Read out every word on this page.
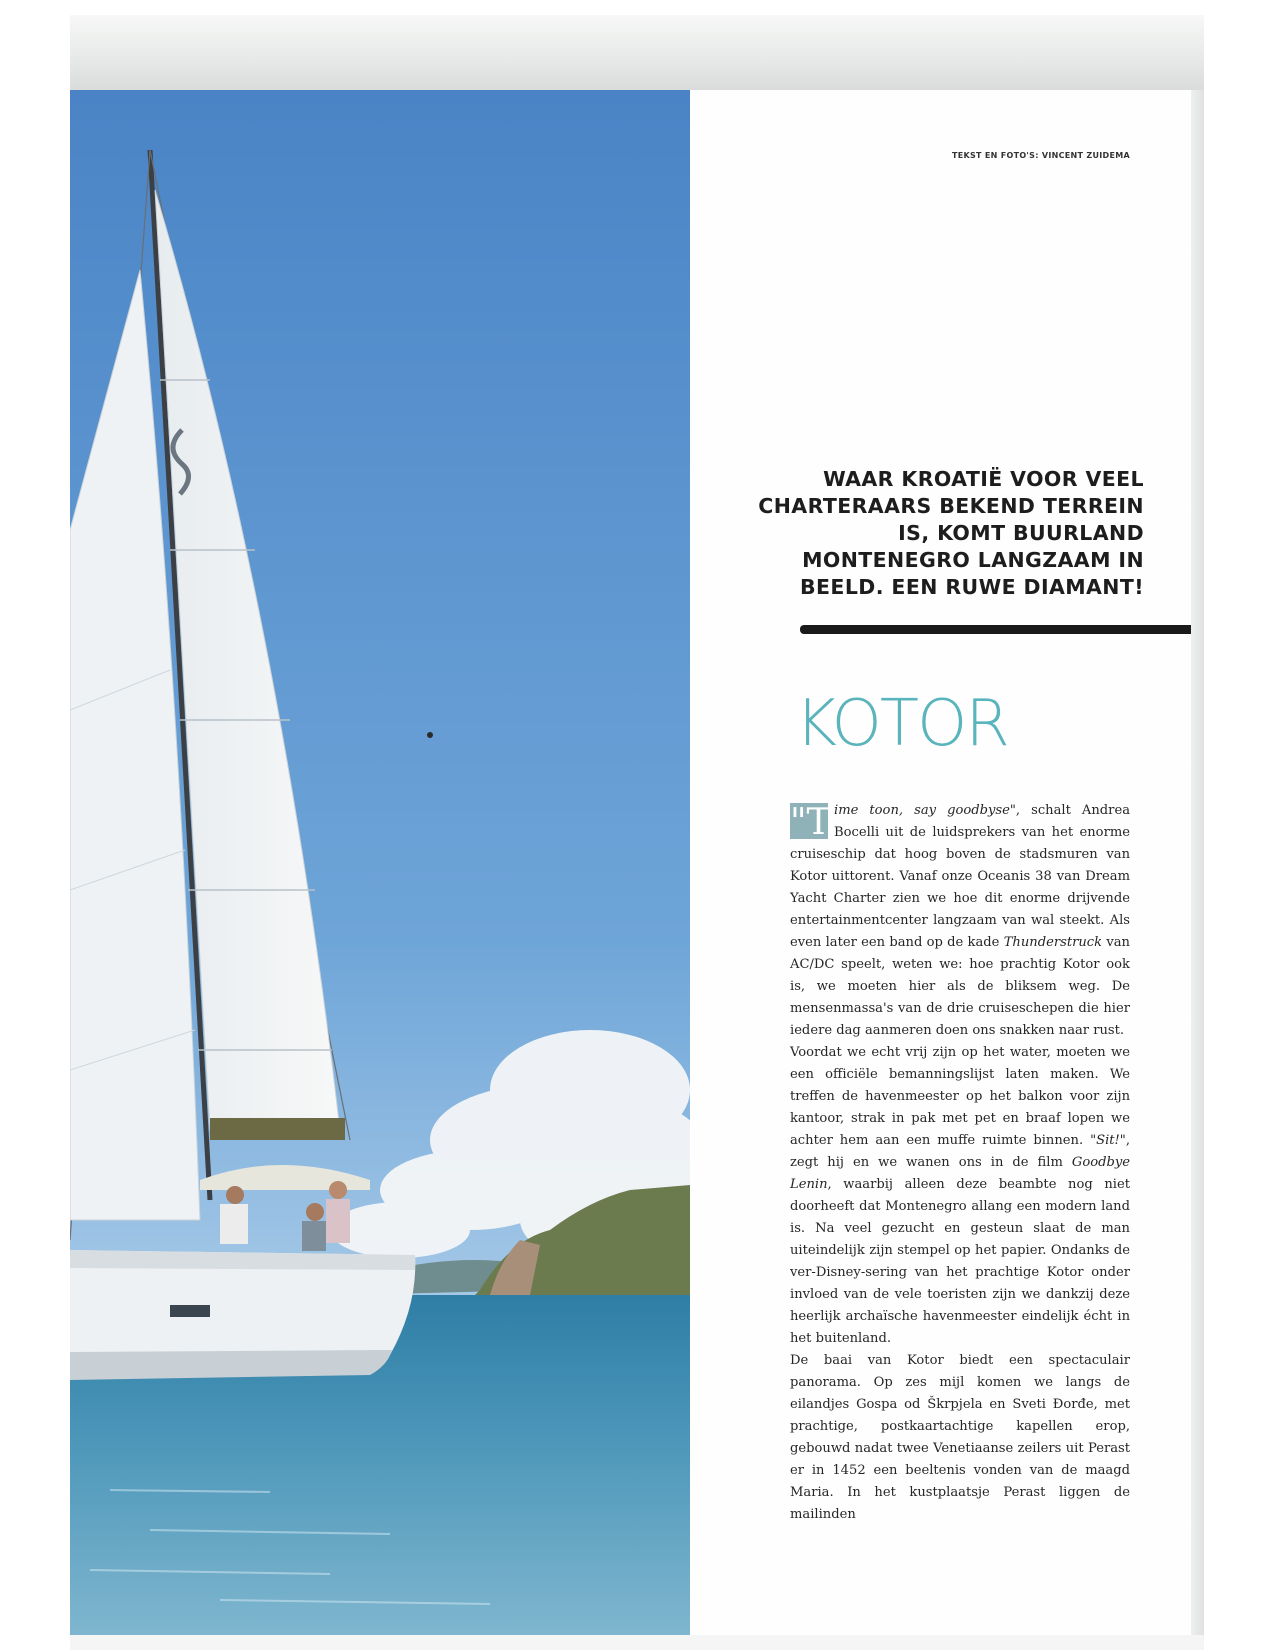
TEKST EN FOTO'S: VINCENT ZUIDEMA
WAAR KROATIË VOOR VEEL CHARTERAARS BEKEND TERREIN IS, KOMT BUURLAND MONTENEGRO LANGZAAM IN BEELD. EEN RUWE DIAMANT!
KOTOR

"T ime toon, say goodbyse", schalt Andrea Bocelli uit de luidsprekers van het enorme cruiseschip dat hoog boven de stadsmuren van Kotor uittorent. Vanaf onze Oceanis 38 van Dream Yacht Charter zien we hoe dit enorme drijvende entertainmentcenter langzaam van wal steekt. Als even later een band op de kade Thunderstruck van AC/DC speelt, weten we: hoe prachtig Kotor ook is, we moeten hier als de bliksem weg. De mensenmassa's van de drie cruiseschepen die hier iedere dag aanmeren doen ons snakken naar rust.

Voordat we echt vrij zijn op het water, moeten we een officiële bemanningslijst laten maken. We treffen de havenmeester op het balkon voor zijn kantoor, strak in pak met pet en braaf lopen we achter hem aan een muffe ruimte binnen. "Sit!", zegt hij en we wanen ons in de film Goodbye Lenin, waarbij alleen deze beambte nog niet doorheeft dat Montenegro allang een modern land is. Na veel gezucht en gesteun slaat de man uiteindelijk zijn stempel op het papier. Ondanks de ver-Disney-sering van het prachtige Kotor onder invloed van de vele toeristen zijn we dankzij deze heerlijk archaïsche havenmeester eindelijk écht in het buitenland.

De baai van Kotor biedt een spectaculair panorama. Op zes mijl komen we langs de eilandjes Gospa od Škrpjela en Sveti Đorđe, met prachtige, postkaartachtige kapellen erop, gebouwd nadat twee Venetiaanse zeilers uit Perast er in 1452 een beeltenis vonden van de maagd Maria. In het kustplaatsje Perast liggen de mailinden
